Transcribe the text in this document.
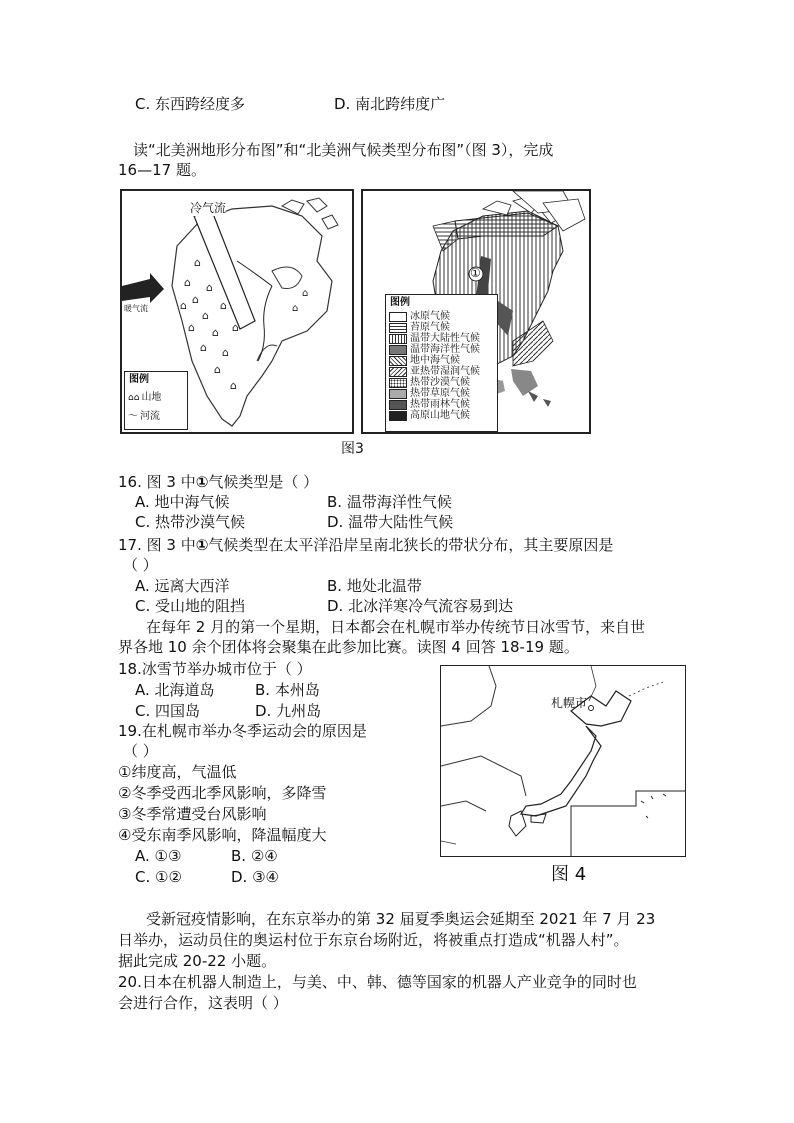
C. 东西跨经度多	D. 南北跨纬度广
读“北美洲地形分布图”和“北美洲气候类型分布图”（图 3），完成
16—17 题。
⌂
⌂
⌂
⌂ ⌂
⌂ ⌂
⌂
⌂
⌂
⌂
⌂
⌂
⌂
⌂
⌂
冷气流
暖气流
图例
⌂⌂ 山地
〜 河流
①
图例
冰原气候
苔原气候
温带大陆性气候
温带海洋性气候
地中海气候
亚热带湿润气候
热带沙漠气候
热带草原气候
热带雨林气候
高原山地气候
图3
16. 图 3 中①气候类型是（ ）
A. 地中海气候	B. 温带海洋性气候
C. 热带沙漠气候	D. 温带大陆性气候
17. 图 3 中①气候类型在太平洋沿岸呈南北狭长的带状分布，其主要原因是
（ ）
A. 远离大西洋	B. 地处北温带
C. 受山地的阻挡	D. 北冰洋寒冷气流容易到达
在每年 2 月的第一个星期，日本都会在札幌市举办传统节日冰雪节，来自世
界各地 10 余个团体将会聚集在此参加比赛。读图 4 回答 18-19 题。
18.冰雪节举办城市位于（ ）
A. 北海道岛	B. 本州岛
C. 四国岛	D. 九州岛
19.在札幌市举办冬季运动会的原因是
（ ）
①纬度高，气温低
②冬季受西北季风影响，多降雪
③冬季常遭受台风影响
④受东南季风影响，降温幅度大
A. ①③	B. ②④
C. ①②	D. ③④
札幌市
图 4
受新冠疫情影响，在东京举办的第 32 届夏季奥运会延期至 2021 年 7 月 23
日举办，运动员住的奥运村位于东京台场附近，将被重点打造成“机器人村”。
据此完成 20-22 小题。
20.日本在机器人制造上，与美、中、韩、德等国家的机器人产业竞争的同时也
会进行合作，这表明（ ）
